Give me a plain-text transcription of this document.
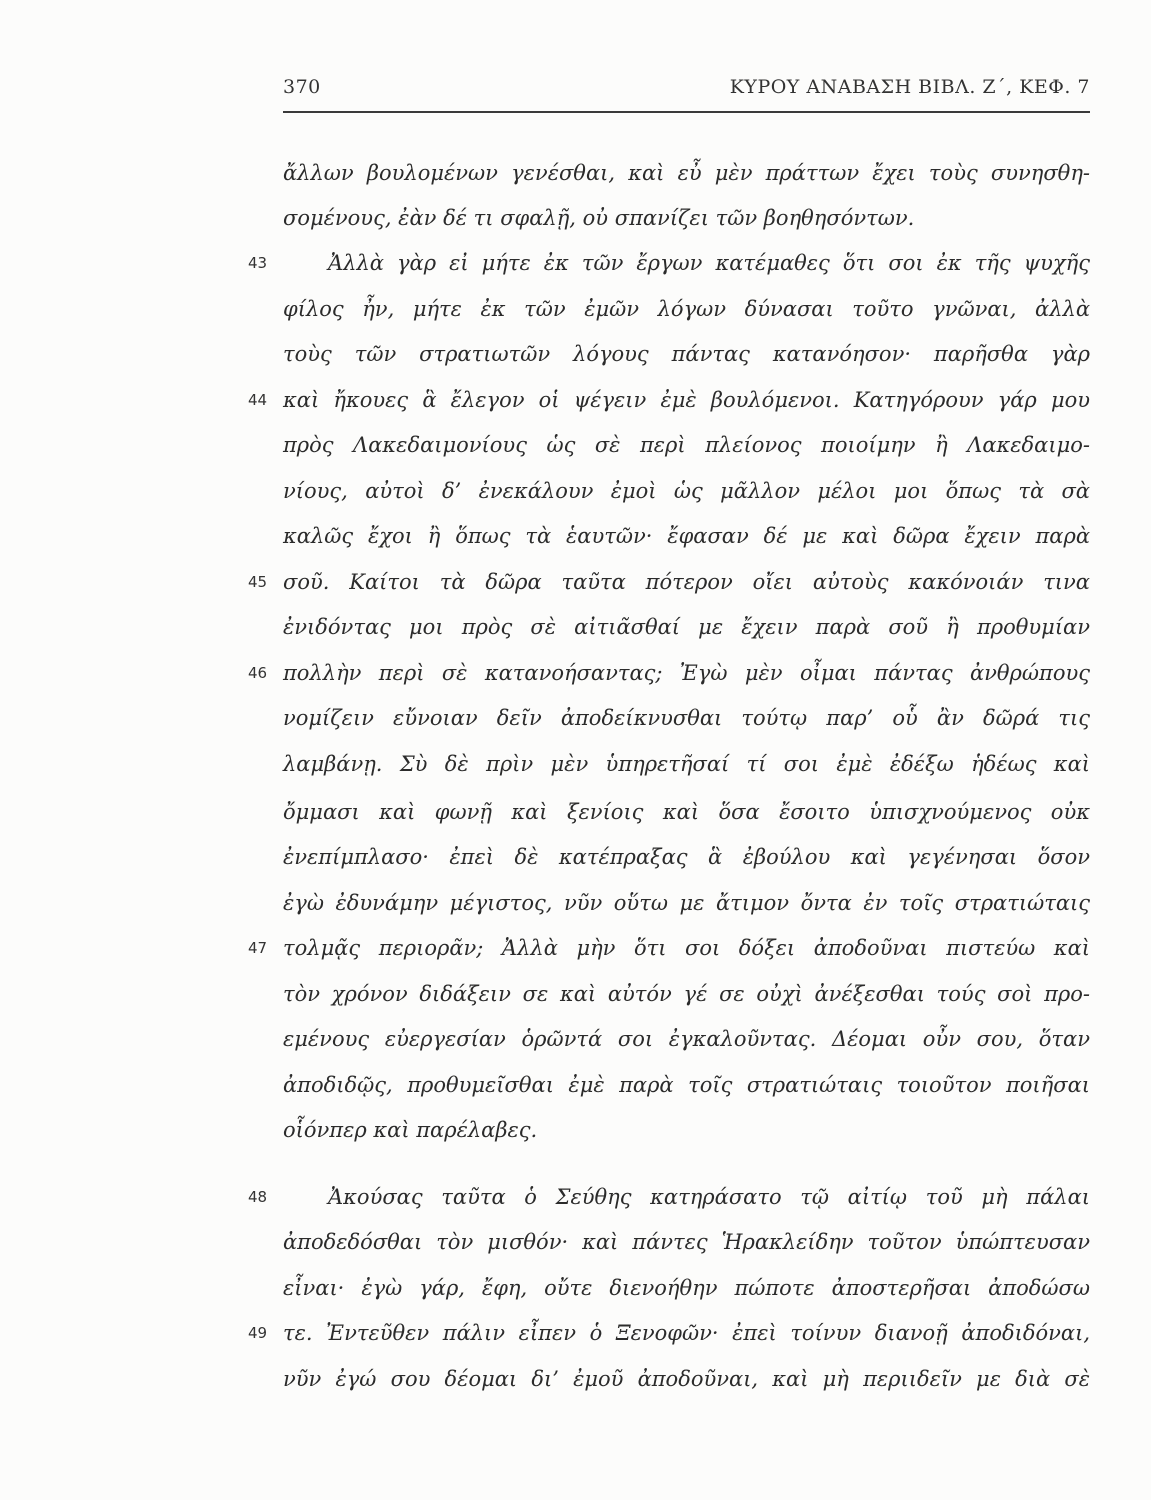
370	ΚΥΡΟΥ ΑΝΑΒΑΣΗ ΒΙΒΛ. Ζ΄, ΚΕΦ. 7
ἄλλων βουλομένων γενέσθαι, καὶ εὖ μὲν πράττων ἔχει τοὺς συνησθη-
σομένους, ἐὰν δέ τι σφαλῇ, οὐ σπανίζει τῶν βοηθησόντων.
43	Ἀλλὰ γὰρ εἰ μήτε ἐκ τῶν ἔργων κατέμαθες ὅτι σοι ἐκ τῆς ψυχῆς
φίλος ἦν, μήτε ἐκ τῶν ἐμῶν λόγων δύνασαι τοῦτο γνῶναι, ἀλλὰ
τοὺς τῶν στρατιωτῶν λόγους πάντας κατανόησον· παρῆσθα γὰρ
44 καὶ ἤκουες ἃ ἔλεγον οἱ ψέγειν ἐμὲ βουλόμενοι. Κατηγόρουν γάρ μου
πρὸς Λακεδαιμονίους ὡς σὲ περὶ πλείονος ποιοίμην ἢ Λακεδαιμο-
νίους, αὐτοὶ δ’ ἐνεκάλουν ἐμοὶ ὡς μᾶλλον μέλοι μοι ὅπως τὰ σὰ
καλῶς ἔχοι ἢ ὅπως τὰ ἑαυτῶν· ἔφασαν δέ με καὶ δῶρα ἔχειν παρὰ
45 σοῦ. Καίτοι τὰ δῶρα ταῦτα πότερον οἴει αὐτοὺς κακόνοιάν τινα
ἐνιδόντας μοι πρὸς σὲ αἰτιᾶσθαί με ἔχειν παρὰ σοῦ ἢ προθυμίαν
46 πολλὴν περὶ σὲ κατανοήσαντας; Ἐγὼ μὲν οἶμαι πάντας ἀνθρώπους
νομίζειν εὔνοιαν δεῖν ἀποδείκνυσθαι τούτῳ παρ’ οὗ ἂν δῶρά τις
λαμβάνῃ. Σὺ δὲ πρὶν μὲν ὑπηρετῆσαί τί σοι ἐμὲ ἐδέξω ἡδέως καὶ
ὄμμασι καὶ φωνῇ καὶ ξενίοις καὶ ὅσα ἔσοιτο ὑπισχνούμενος οὐκ
ἐνεπίμπλασο· ἐπεὶ δὲ κατέπραξας ἃ ἐβούλου καὶ γεγένησαι ὅσον
ἐγὼ ἐδυνάμην μέγιστος, νῦν οὕτω με ἄτιμον ὄντα ἐν τοῖς στρατιώταις
47 τολμᾷς περιορᾶν; Ἀλλὰ μὴν ὅτι σοι δόξει ἀποδοῦναι πιστεύω καὶ
τὸν χρόνον διδάξειν σε καὶ αὐτόν γέ σε οὐχὶ ἀνέξεσθαι τούς σοὶ προ-
εμένους εὐεργεσίαν ὁρῶντά σοι ἐγκαλοῦντας. Δέομαι οὖν σου, ὅταν
ἀποδιδῷς, προθυμεῖσθαι ἐμὲ παρὰ τοῖς στρατιώταις τοιοῦτον ποιῆσαι
οἷόνπερ καὶ παρέλαβες.
48	Ἀκούσας ταῦτα ὁ Σεύθης κατηράσατο τῷ αἰτίῳ τοῦ μὴ πάλαι
ἀποδεδόσθαι τὸν μισθόν· καὶ πάντες Ἡρακλείδην τοῦτον ὑπώπτευσαν
εἶναι· ἐγὼ γάρ, ἔφη, οὔτε διενοήθην πώποτε ἀποστερῆσαι ἀποδώσω
49 τε. Ἐντεῦθεν πάλιν εἶπεν ὁ Ξενοφῶν· ἐπεὶ τοίνυν διανοῇ ἀποδιδόναι,
νῦν ἐγώ σου δέομαι δι’ ἐμοῦ ἀποδοῦναι, καὶ μὴ περιιδεῖν με διὰ σὲ
